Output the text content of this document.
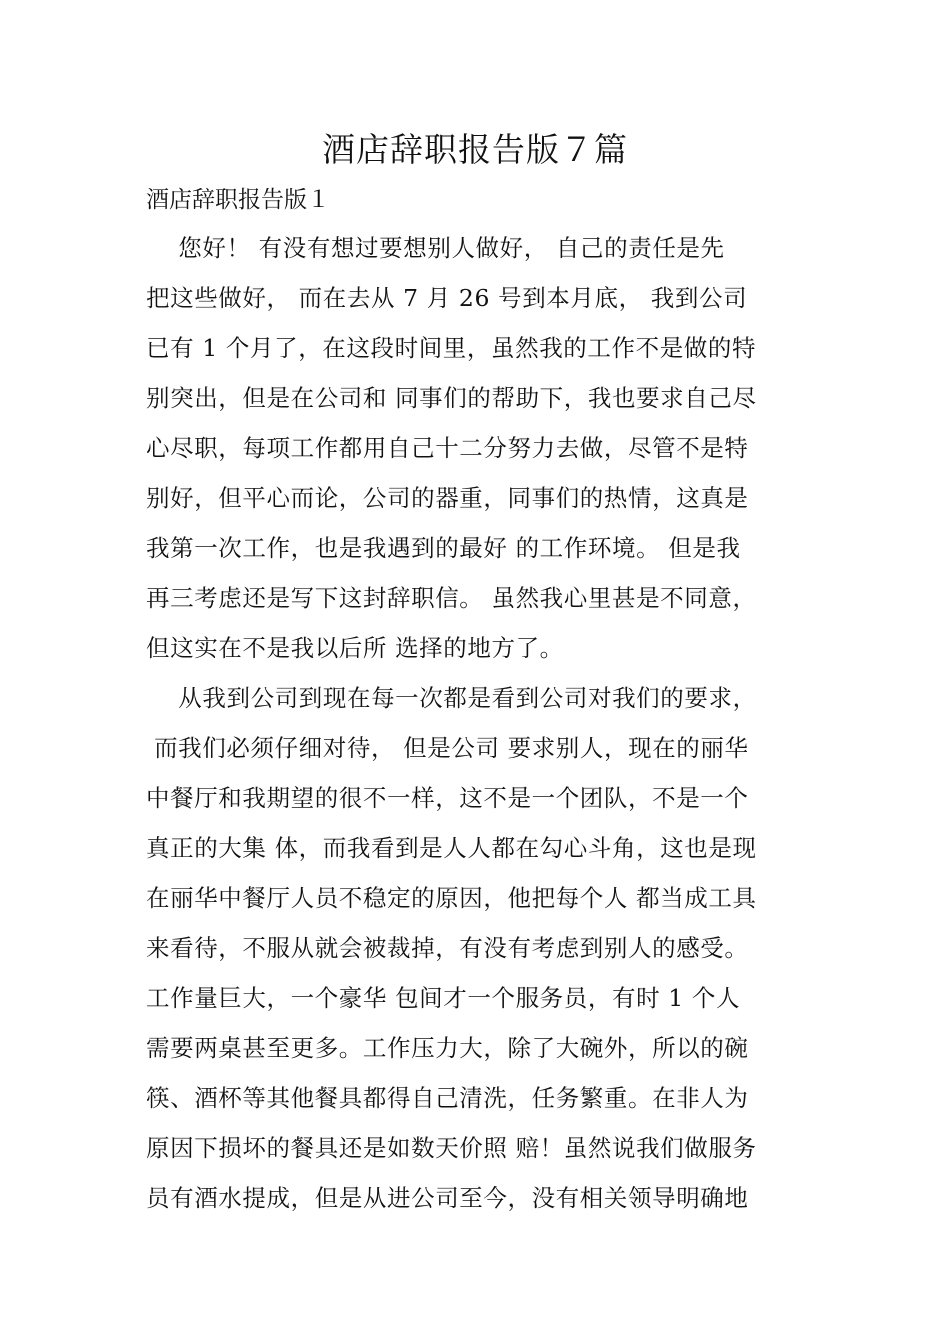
酒店辞职报告版７篇

酒店辞职报告版１

您好！ 有没有想过要想别人做好， 自己的责任是先

把这些做好， 而在去从 7 月 26 号到本月底， 我到公司

已有 1 个月了，在这段时间里，虽然我的工作不是做的特

别突出，但是在公司和 同事们的帮助下，我也要求自己尽

心尽职，每项工作都用自己十二分努力去做，尽管不是特

别好，但平心而论，公司的器重，同事们的热情，这真是

我第一次工作，也是我遇到的最好 的工作环境。 但是我

再三考虑还是写下这封辞职信。 虽然我心里甚是不同意，

但这实在不是我以后所 选择的地方了。

从我到公司到现在每一次都是看到公司对我们的要求，

而我们必须仔细对待， 但是公司 要求别人，现在的丽华

中餐厅和我期望的很不一样，这不是一个团队，不是一个

真正的大集 体，而我看到是人人都在勾心斗角，这也是现

在丽华中餐厅人员不稳定的原因，他把每个人 都当成工具

来看待，不服从就会被裁掉，有没有考虑到别人的感受。

工作量巨大，一个豪华 包间才一个服务员，有时 1 个人

需要两桌甚至更多。工作压力大，除了大碗外，所以的碗

筷、酒杯等其他餐具都得自己清洗，任务繁重。在非人为

原因下损坏的餐具还是如数天价照 赔！虽然说我们做服务

员有酒水提成，但是从进公司至今，没有相关领导明确地
